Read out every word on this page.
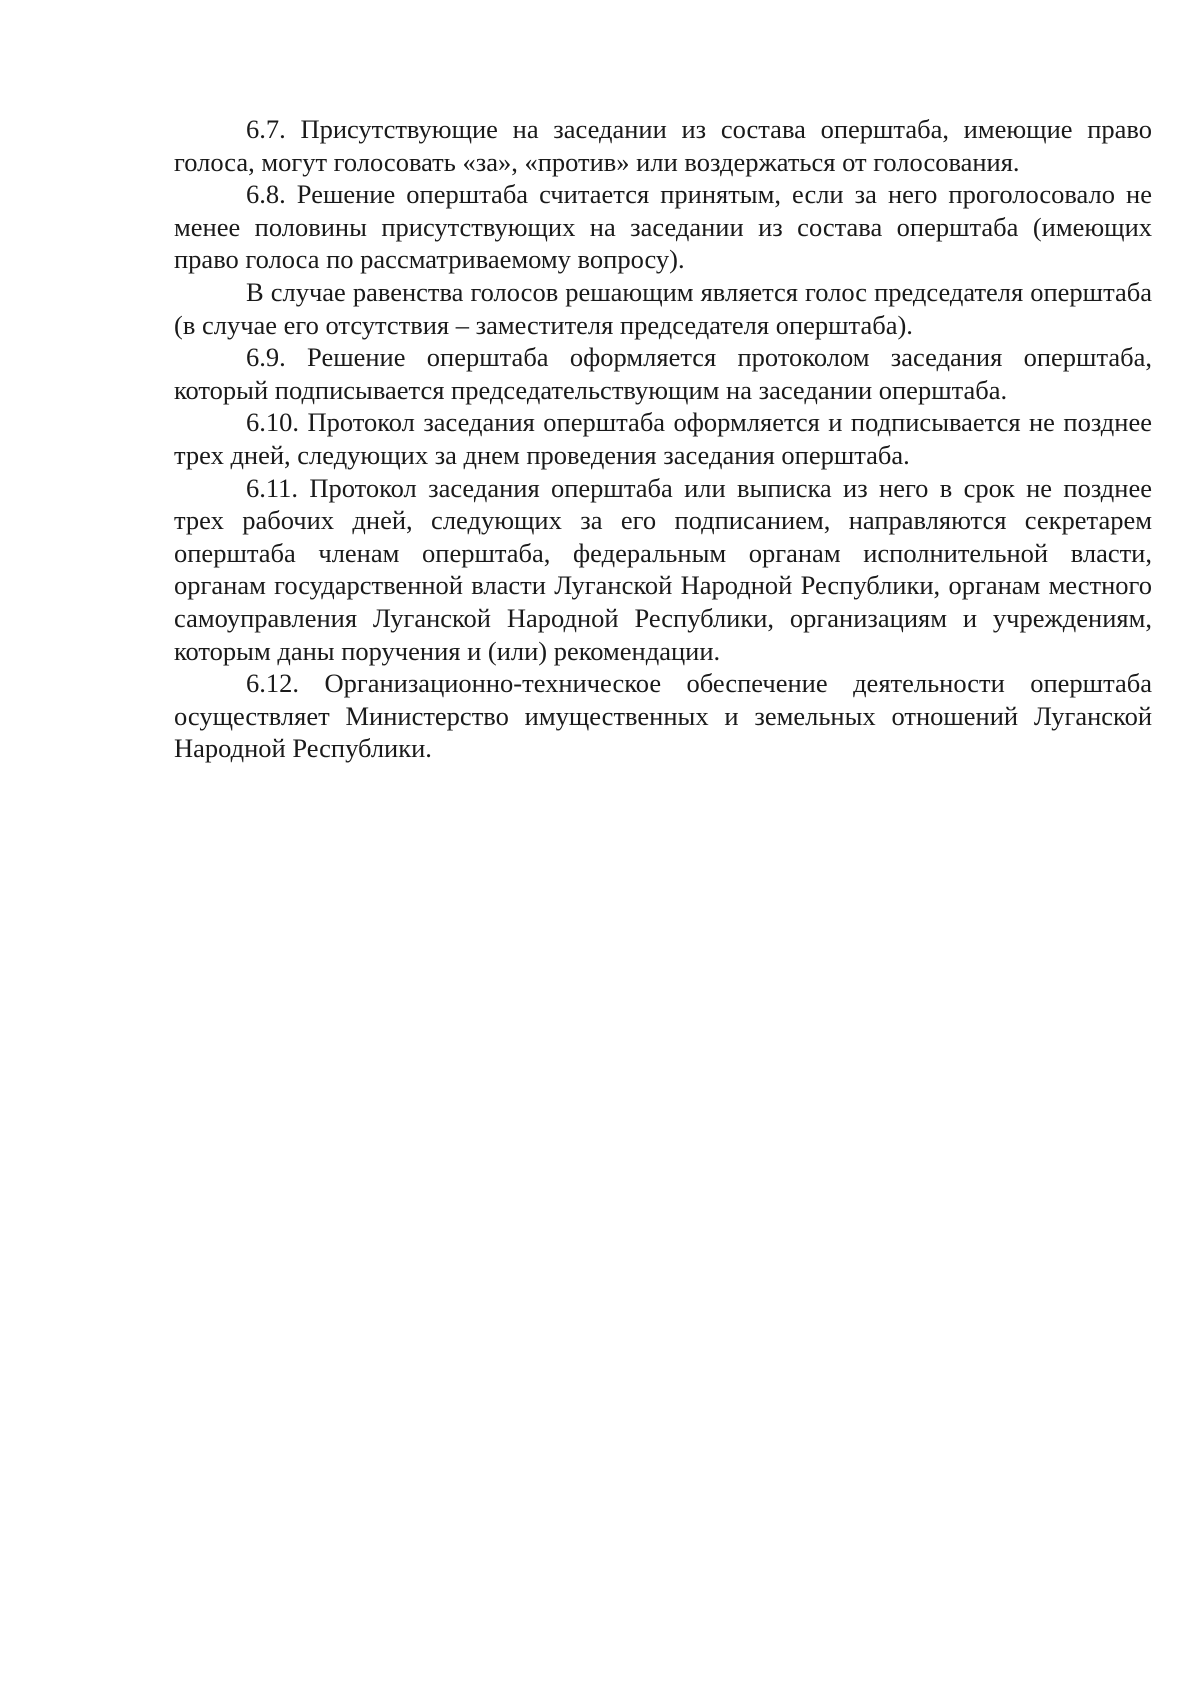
6.7. Присутствующие на заседании из состава оперштаба, имеющие право голоса, могут голосовать «за», «против» или воздержаться от голосования.

6.8. Решение оперштаба считается принятым, если за него проголосовало не менее половины присутствующих на заседании из состава оперштаба (имеющих право голоса по рассматриваемому вопросу).

В случае равенства голосов решающим является голос председателя оперштаба (в случае его отсутствия – заместителя председателя оперштаба).

6.9. Решение оперштаба оформляется протоколом заседания оперштаба, который подписывается председательствующим на заседании оперштаба.

6.10. Протокол заседания оперштаба оформляется и подписывается не позднее трех дней, следующих за днем проведения заседания оперштаба.

6.11. Протокол заседания оперштаба или выписка из него в срок не позднее трех рабочих дней, следующих за его подписанием, направляются секретарем оперштаба членам оперштаба, федеральным органам исполнительной власти, органам государственной власти Луганской Народной Республики, органам местного самоуправления Луганской Народной Республики, организациям и учреждениям, которым даны поручения и (или) рекомендации.

6.12. Организационно-техническое обеспечение деятельности оперштаба осуществляет Министерство имущественных и земельных отношений Луганской Народной Республики.
